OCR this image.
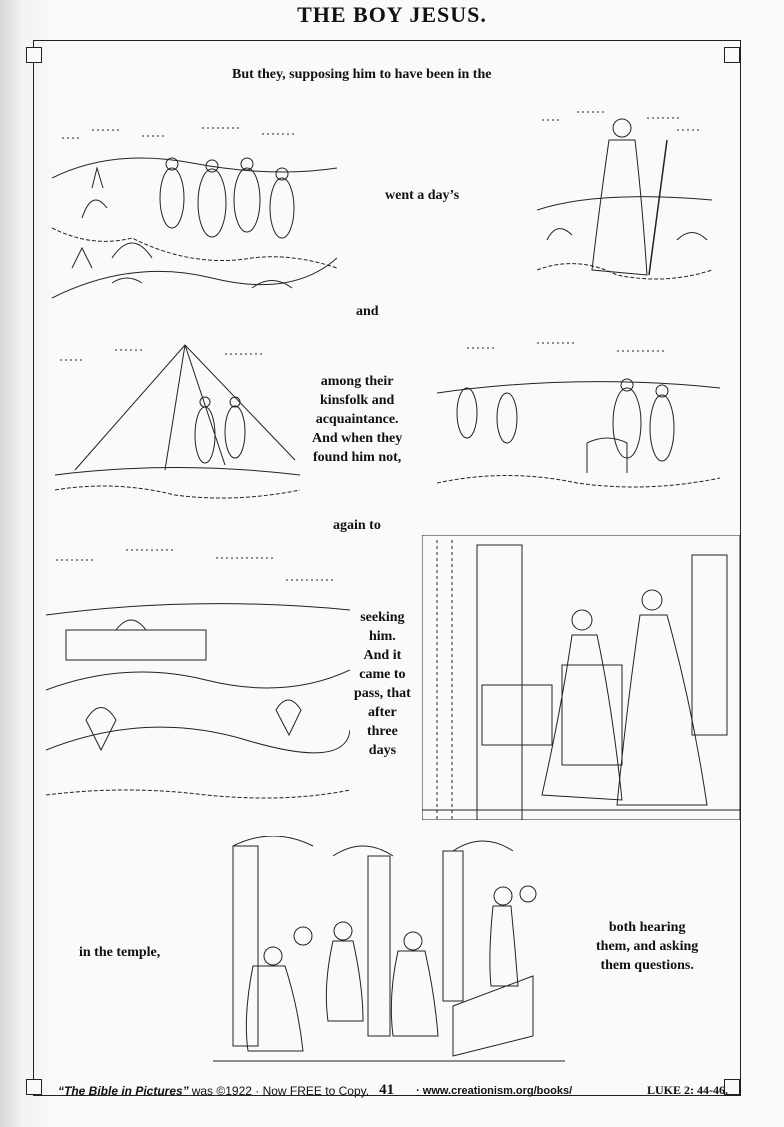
THE BOY JESUS.
But they, supposing him to have been in the
went a day’s
and
among their
kinsfolk and
acquaintance.
And when they
found him not,
again to
seeking
him.
And it
came to
pass, that
after
three
days
in the temple,
both hearing
them, and asking
them questions.
“The Bible in Pictures” was ©1922 · Now FREE to Copy. 41 · www.creationism.org/books/	LUKE 2: 44-46.
